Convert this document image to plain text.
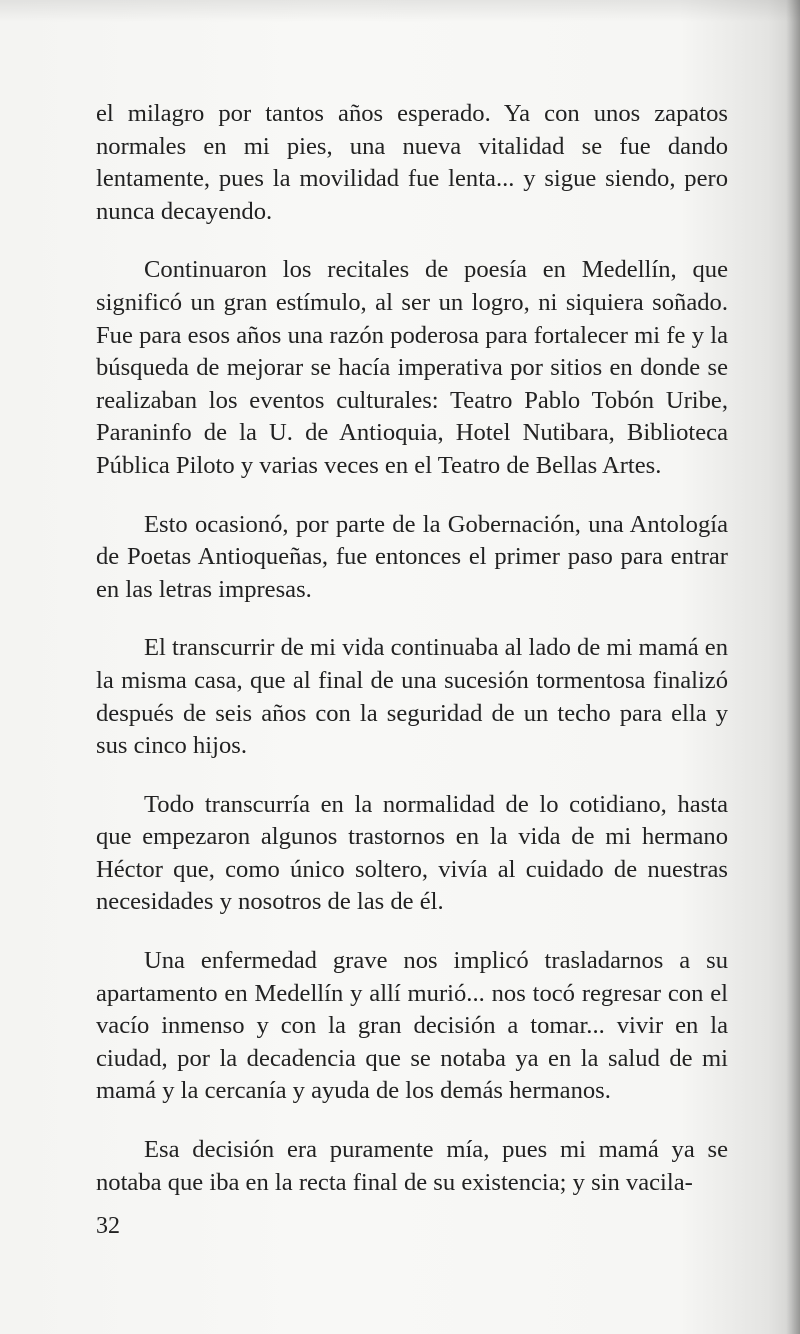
el milagro por tantos años esperado. Ya con unos zapatos normales en mi pies, una nueva vitalidad se fue dando lentamente, pues la movilidad fue lenta... y sigue siendo, pero nunca decayendo.

Continuaron los recitales de poesía en Medellín, que significó un gran estímulo, al ser un logro, ni siquiera soñado. Fue para esos años una razón poderosa para fortalecer mi fe y la búsqueda de mejorar se hacía imperativa por sitios en donde se realizaban los eventos culturales: Teatro Pablo Tobón Uribe, Paraninfo de la U. de Antioquia, Hotel Nutibara, Biblioteca Pública Piloto y varias veces en el Teatro de Bellas Artes.

Esto ocasionó, por parte de la Gobernación, una Antología de Poetas Antioqueñas, fue entonces el primer paso para entrar en las letras impresas.

El transcurrir de mi vida continuaba al lado de mi mamá en la misma casa, que al final de una sucesión tormentosa finalizó después de seis años con la seguridad de un techo para ella y sus cinco hijos.

Todo transcurría en la normalidad de lo cotidiano, hasta que empezaron algunos trastornos en la vida de mi hermano Héctor que, como único soltero, vivía al cuidado de nuestras necesidades y nosotros de las de él.

Una enfermedad grave nos implicó trasladarnos a su apartamento en Medellín y allí murió... nos tocó regresar con el vacío inmenso y con la gran decisión a tomar... vivir en la ciudad, por la decadencia que se notaba ya en la salud de mi mamá y la cercanía y ayuda de los demás hermanos.

Esa decisión era puramente mía, pues mi mamá ya se notaba que iba en la recta final de su existencia; y sin vacila-

32
